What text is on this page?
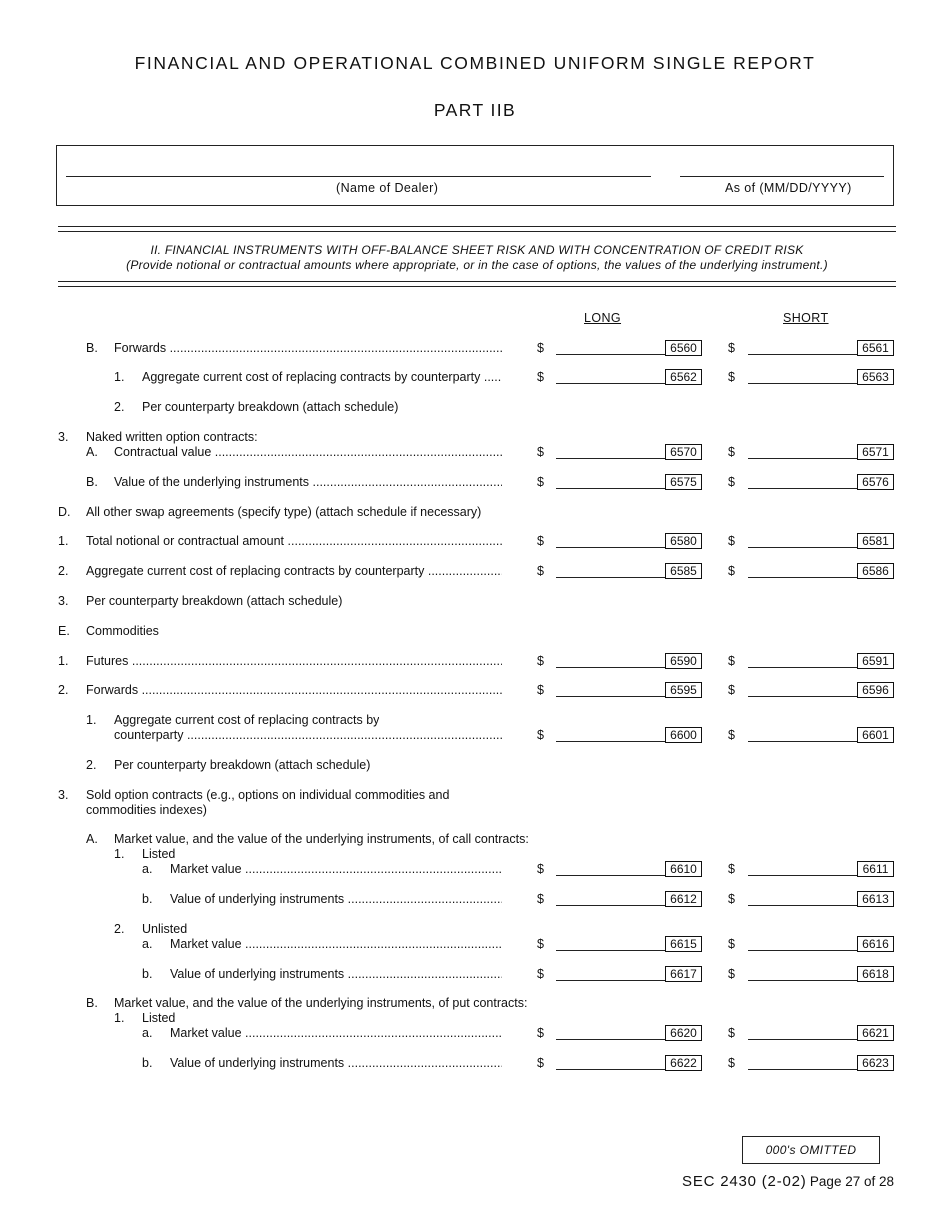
FINANCIAL AND OPERATIONAL COMBINED UNIFORM SINGLE REPORT
PART IIB
(Name of Dealer)	As of (MM/DD/YYYY)
II. FINANCIAL INSTRUMENTS WITH OFF-BALANCE SHEET RISK AND WITH CONCENTRATION OF CREDIT RISK
(Provide notional or contractual amounts where appropriate, or in the case of options, the values of the underlying instrument.)
LONG	SHORT
B. Forwards .....	$	6560	$	6561
1. Aggregate current cost of replacing contracts by counterparty .....	$	6562	$	6563
2. Per counterparty breakdown (attach schedule)
3. Naked written option contracts:
A. Contractual value .....	$	6570	$	6571
B. Value of the underlying instruments .....	$	6575	$	6576
D. All other swap agreements (specify type) (attach schedule if necessary)
1. Total notional or contractual amount .....	$	6580	$	6581
2. Aggregate current cost of replacing contracts by counterparty .....	$	6585	$	6586
3. Per counterparty breakdown (attach schedule)
E. Commodities
1. Futures .....	$	6590	$	6591
2. Forwards .....	$	6595	$	6596
1. Aggregate current cost of replacing contracts by
counterparty .....	$	6600	$	6601
2. Per counterparty breakdown (attach schedule)
3. Sold option contracts (e.g., options on individual commodities and
commodities indexes)
A. Market value, and the value of the underlying instruments, of call contracts:
1. Listed
a. Market value .....	$	6610	$	6611
b. Value of underlying instruments .....	$	6612	$	6613
2. Unlisted
a. Market value .....	$	6615	$	6616
b. Value of underlying instruments .....	$	6617	$	6618
B. Market value, and the value of the underlying instruments, of put contracts:
1. Listed
a. Market value .....	$	6620	$	6621
b. Value of underlying instruments .....	$	6622	$	6623
000's OMITTED
SEC 2430 (2-02) Page 27 of 28
